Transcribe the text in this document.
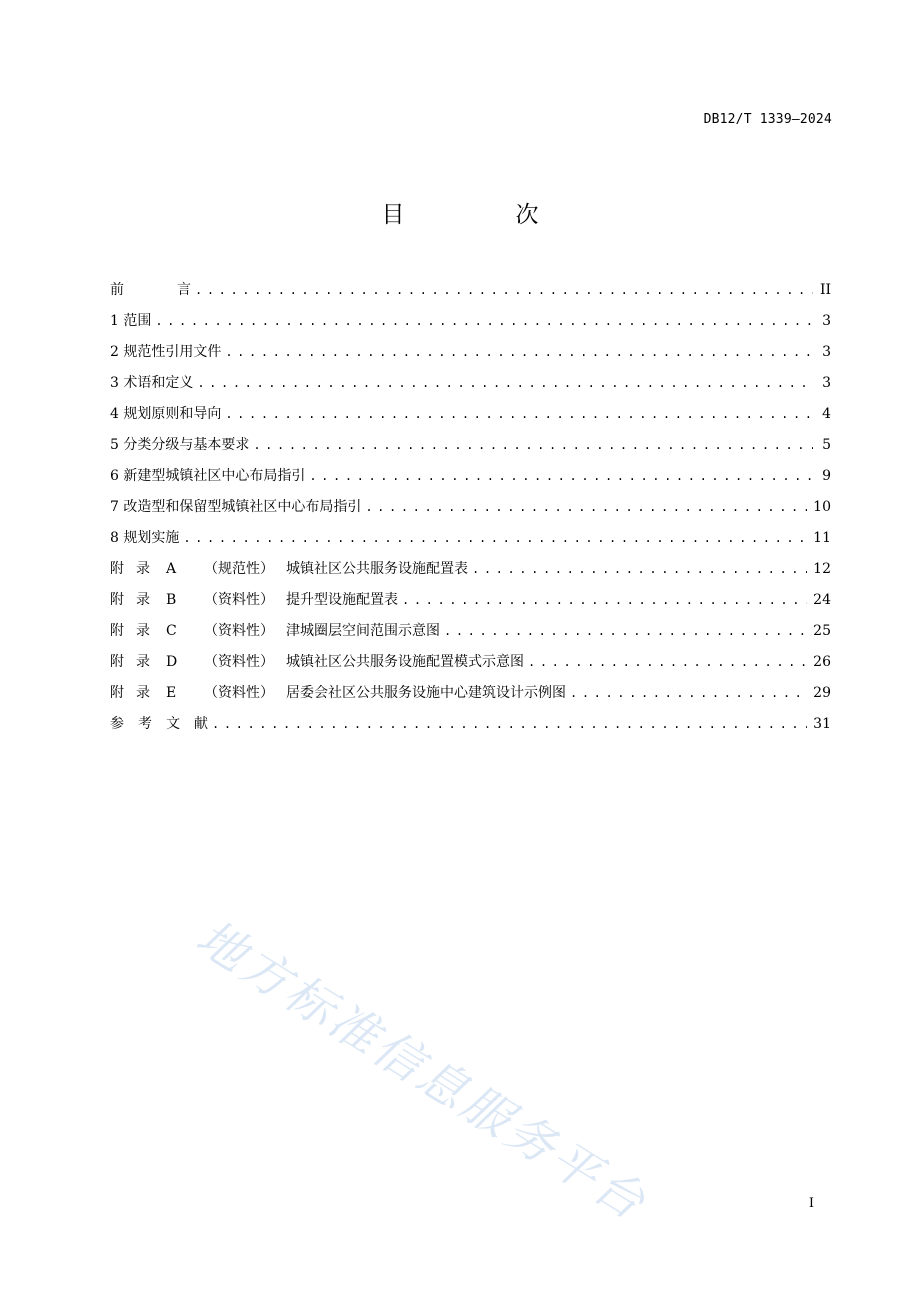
DB12/T 1339—2024
目　次
前　　言 .....	II
1 范围 .....	3
2 规范性引用文件 .....	3
3 术语和定义 .....	3
4 规划原则和导向 .....	4
5 分类分级与基本要求 .....	5
6 新建型城镇社区中心布局指引 .....	9
7 改造型和保留型城镇社区中心布局指引 .....	10
8 规划实施 .....	11
附 录 A （规范性） 城镇社区公共服务设施配置表 .....	12
附 录 B （资料性） 提升型设施配置表 .....	24
附 录 C （资料性） 津城圈层空间范围示意图 .....	25
附 录 D （资料性） 城镇社区公共服务设施配置模式示意图 .....	26
附 录 E （资料性） 居委会社区公共服务设施中心建筑设计示例图 .....	29
参　考　文　献 .....	31
地方标准信息服务平台	I
